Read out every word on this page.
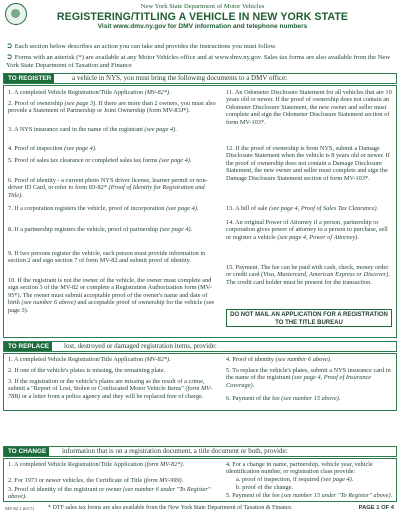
New York State Department of Motor Vehicles
REGISTERING/TITLING A VEHICLE IN NEW YORK STATE
Visit www.dmv.ny.gov for DMV information and telephone numbers
➲ Each section below describes an action you can take and provides the instructions you must follow.
➲ Forms with an asterisk (*) are available at any Motor Vehicles office and at www.dmv.ny.gov. Sales tax forms are also available from the New York State Department of Taxation and Finance
TO REGISTER	a vehicle in NYS, you must bring the following documents to a DMV office:
1. A completed Vehicle Registration/Title Application (MV-82*).
2. Proof of ownership (see page 3). If there are more than 2 owners, you must also provide a Statement of Partnership or Joint Ownership (form MV-83J*).
3. A NYS insurance card in the name of the registrant (see page 4).
4. Proof of inspection (see page 4).
5. Proof of sales tax clearance or completed sales tax forms (see page 4).
6. Proof of identity - a current photo NYS driver license, learner permit or non-driver ID Card, or refer to form ID-82* (Proof of Identity for Registration and Title).
7. If a corporation registers the vehicle, proof of incorporation (see page 4).
8. If a partnership registers the vehicle, proof of partnership (see page 4).
9. If two persons register the vehicle, each person must provide information in section 2 and sign section 7 of form MV-82 and submit proof of identity.
10. If the registrant is not the owner of the vehicle, the owner must complete and sign section 3 of the MV-82 or complete a Registration Authorization form (MV-95*). The owner must submit acceptable proof of the owner's name and date of birth (see number 6 above) and acceptable proof of ownership for the vehicle (see page 3).
11. An Odometer Disclosure Statement for all vehicles that are 10 years old or newer. If the proof of ownership does not contain an Odometer Disclosure Statement, the new owner and seller must complete and sign the Odometer Disclosure Statement section of form MV-103*.
12. If the proof of ownership is from NYS, submit a Damage Disclosure Statement when the vehicle is 8 years old or newer. If the proof of ownership does not contain a Damage Disclosure Statement, the new owner and seller must complete and sign the Damage Disclosure Statement section of form MV-103*.
13. A bill of sale (see page 4, Proof of Sales Tax Clearance).
14. An original Power of Attorney if a person, partnership or corporation gives power of attorney to a person to purchase, sell or register a vehicle (see page 4, Power of Attorney).
15. Payment. The fee can be paid with cash, check, money order or credit card (Visa, Mastercard, American Express or Discover). The credit card holder must be present for the transaction.
DO NOT MAIL AN APPLICATION FOR A REGISTRATION TO THE TITLE BUREAU
TO REPLACE	lost, destroyed or damaged registration items, provide:
1. A completed Vehicle Registration/Title Application (MV-82*).
2. If one of the vehicle's plates is missing, the remaining plate.
3. If the registration or the vehicle's plates are missing as the result of a crime, submit a "Report of Lost, Stolen or Confiscated Motor Vehicle Items" (form MV-78B) or a letter from a police agency and they will be replaced free of charge.
4. Proof of identity (see number 6 above).
5. To replace the vehicle's plates, submit a NYS insurance card in the name of the registrant (see page 4, Proof of Insurance Coverage).
6. Payment of the fee (see number 15 above).
TO CHANGE	information that is on a registration document, a title document or both, provide:
1. A completed Vehicle Registration/Title Application (form MV-82*).
2. For 1973 or newer vehicles, the Certificate of Title (form MV-999).
3. Proof of identity of the registrant or owner (see number 6 under "To Register" above).
4. For a change in name, partnership, vehicle year, vehicle identification number, or registration class provide:
a. proof of inspection, if required (see page 4).
b. proof of the change.
5. Payment of the fee (see number 15 under "To Register" above).
MV-82.1 (6/17) * DTF sales tax forms are also available from the New York State Department of Taxation & Finance.	PAGE 1 OF 4
